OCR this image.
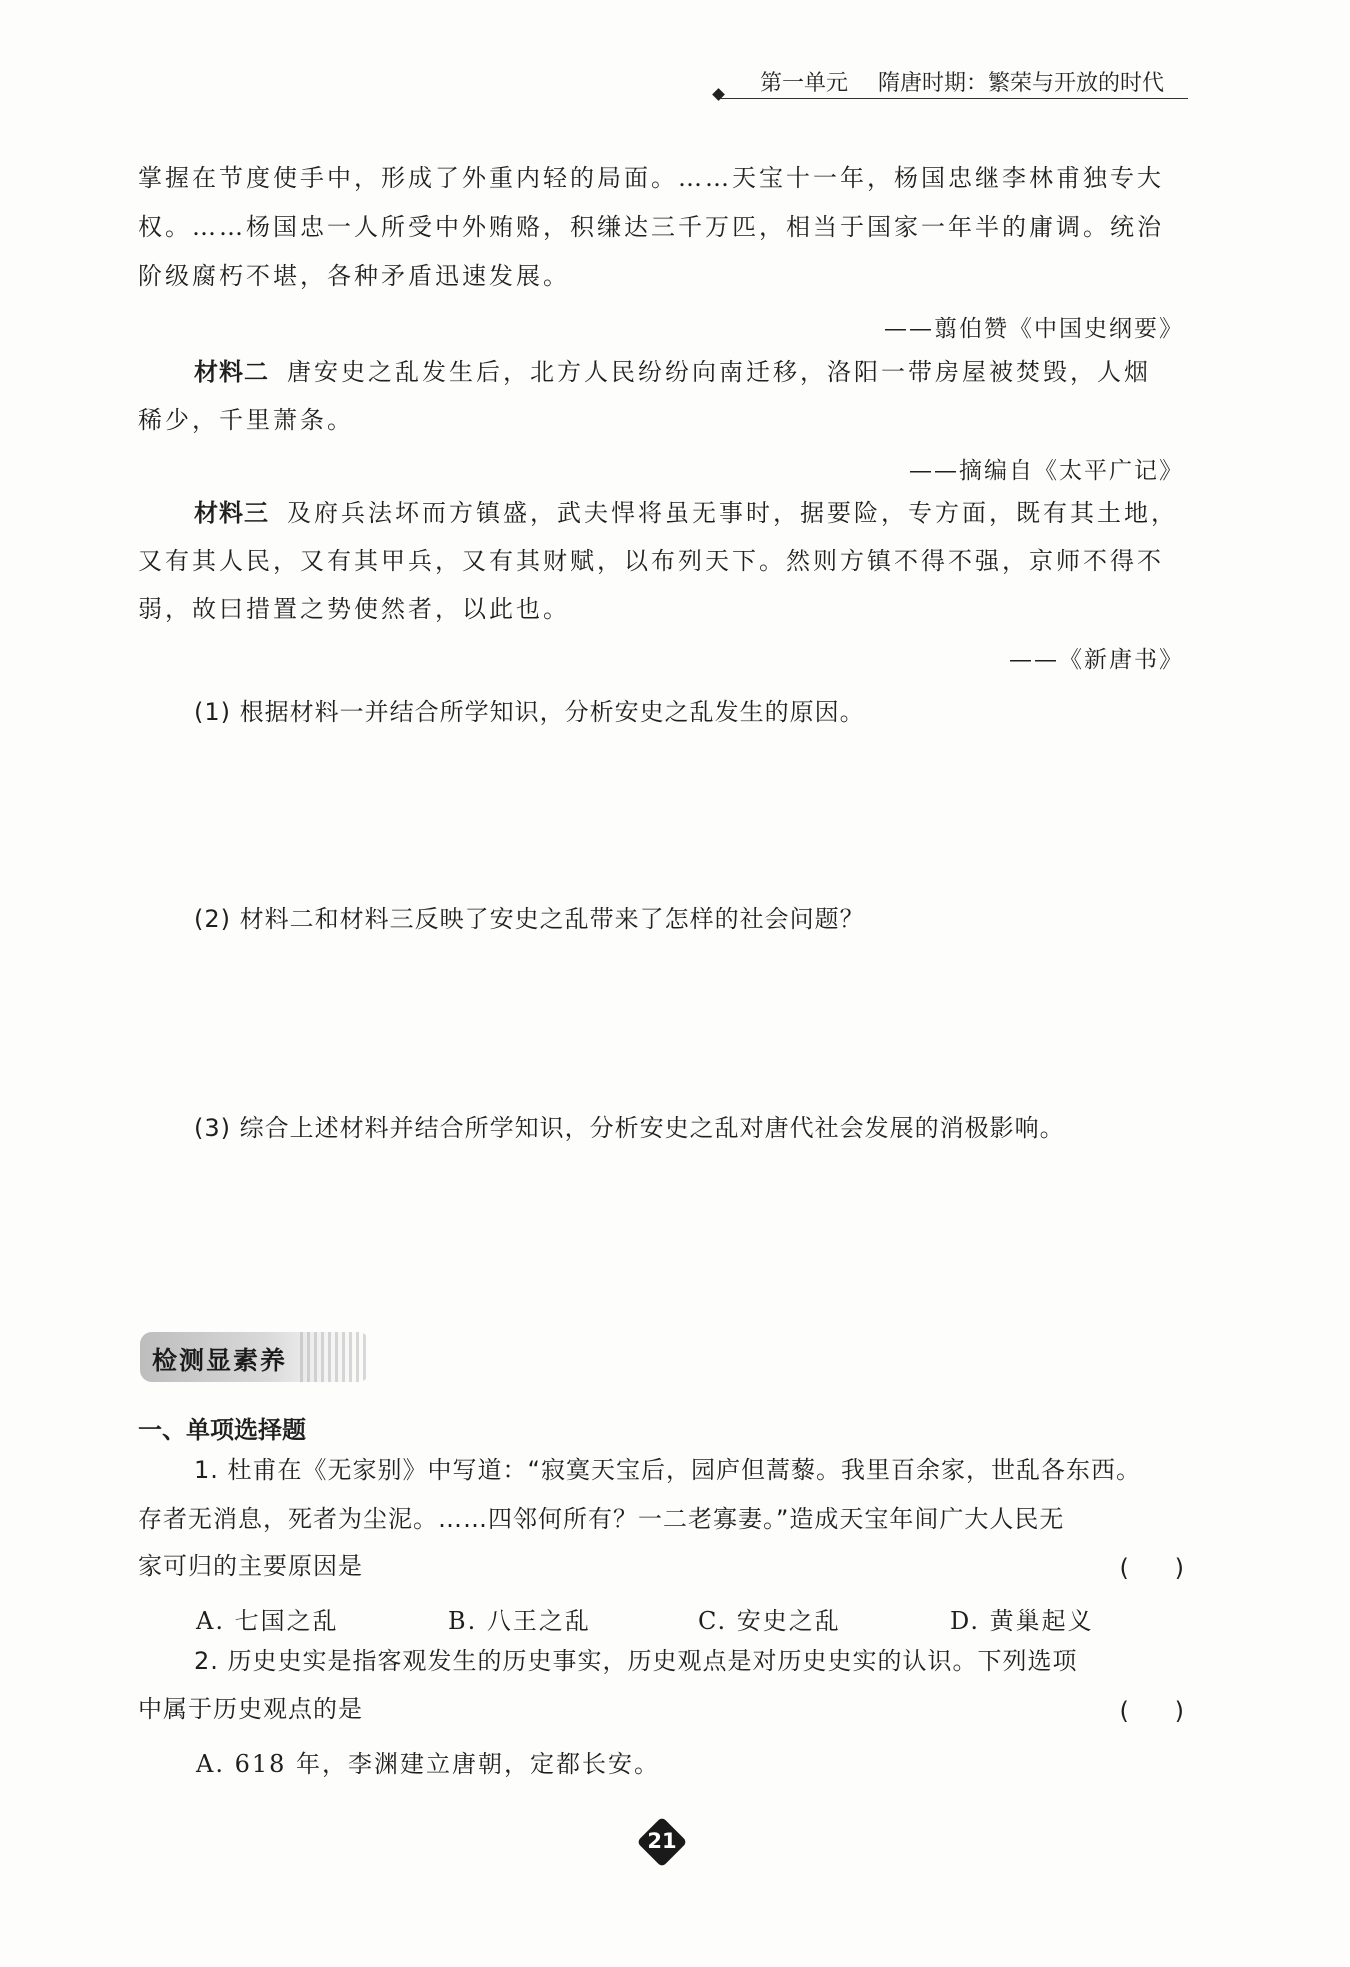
第一单元 隋唐时期：繁荣与开放的时代
掌握在节度使手中，形成了外重内轻的局面。……天宝十一年，杨国忠继李林甫独专大
权。……杨国忠一人所受中外贿赂，积缣达三千万匹，相当于国家一年半的庸调。统治
阶级腐朽不堪，各种矛盾迅速发展。
——翦伯赞《中国史纲要》
材料二 唐安史之乱发生后，北方人民纷纷向南迁移，洛阳一带房屋被焚毁，人烟
稀少，千里萧条。
——摘编自《太平广记》
材料三 及府兵法坏而方镇盛，武夫悍将虽无事时，据要险，专方面，既有其土地，
又有其人民，又有其甲兵，又有其财赋，以布列天下。然则方镇不得不强，京师不得不
弱，故曰措置之势使然者，以此也。
——《新唐书》
(1) 根据材料一并结合所学知识，分析安史之乱发生的原因。
(2) 材料二和材料三反映了安史之乱带来了怎样的社会问题？
(3) 综合上述材料并结合所学知识，分析安史之乱对唐代社会发展的消极影响。
检测显素养
一、单项选择题
1. 杜甫在《无家别》中写道：“寂寞天宝后，园庐但蒿藜。我里百余家，世乱各东西。
存者无消息，死者为尘泥。……四邻何所有？一二老寡妻。”造成天宝年间广大人民无
家可归的主要原因是	(      )
A. 七国之乱	B. 八王之乱	C. 安史之乱	D. 黄巢起义
2. 历史史实是指客观发生的历史事实，历史观点是对历史史实的认识。下列选项
中属于历史观点的是	(      )
A. 618 年，李渊建立唐朝，定都长安。
21
